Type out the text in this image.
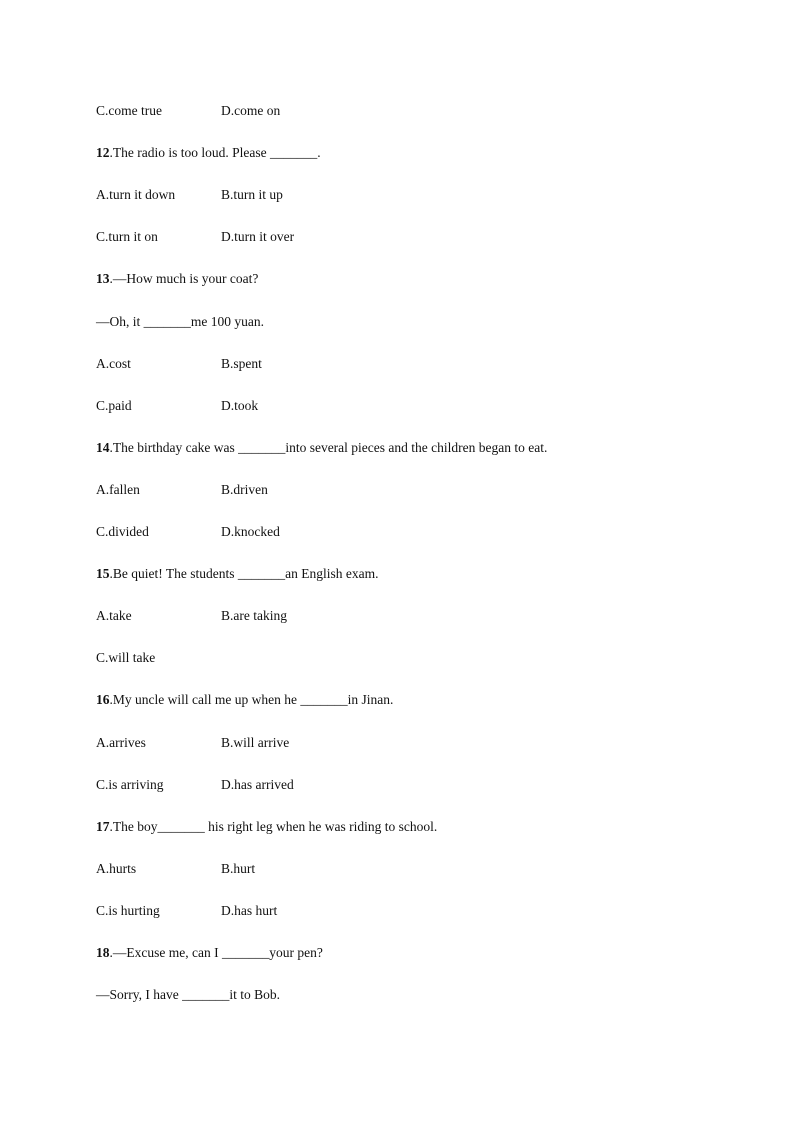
C.come true	D.come on
12.The radio is too loud. Please _______.
A.turn it down	B.turn it up
C.turn it on	D.turn it over
13.—How much is your coat?
—Oh, it _______me 100 yuan.
A.cost	B.spent
C.paid	D.took
14.The birthday cake was _______into several pieces and the children began to eat.
A.fallen	B.driven
C.divided	D.knocked
15.Be quiet! The students _______an English exam.
A.take	B.are taking
C.will take
16.My uncle will call me up when he _______in Jinan.
A.arrives	B.will arrive
C.is arriving	D.has arrived
17.The boy_______ his right leg when he was riding to school.
A.hurts	B.hurt
C.is hurting	D.has hurt
18.—Excuse me, can I _______your pen?
—Sorry, I have _______it to Bob.
